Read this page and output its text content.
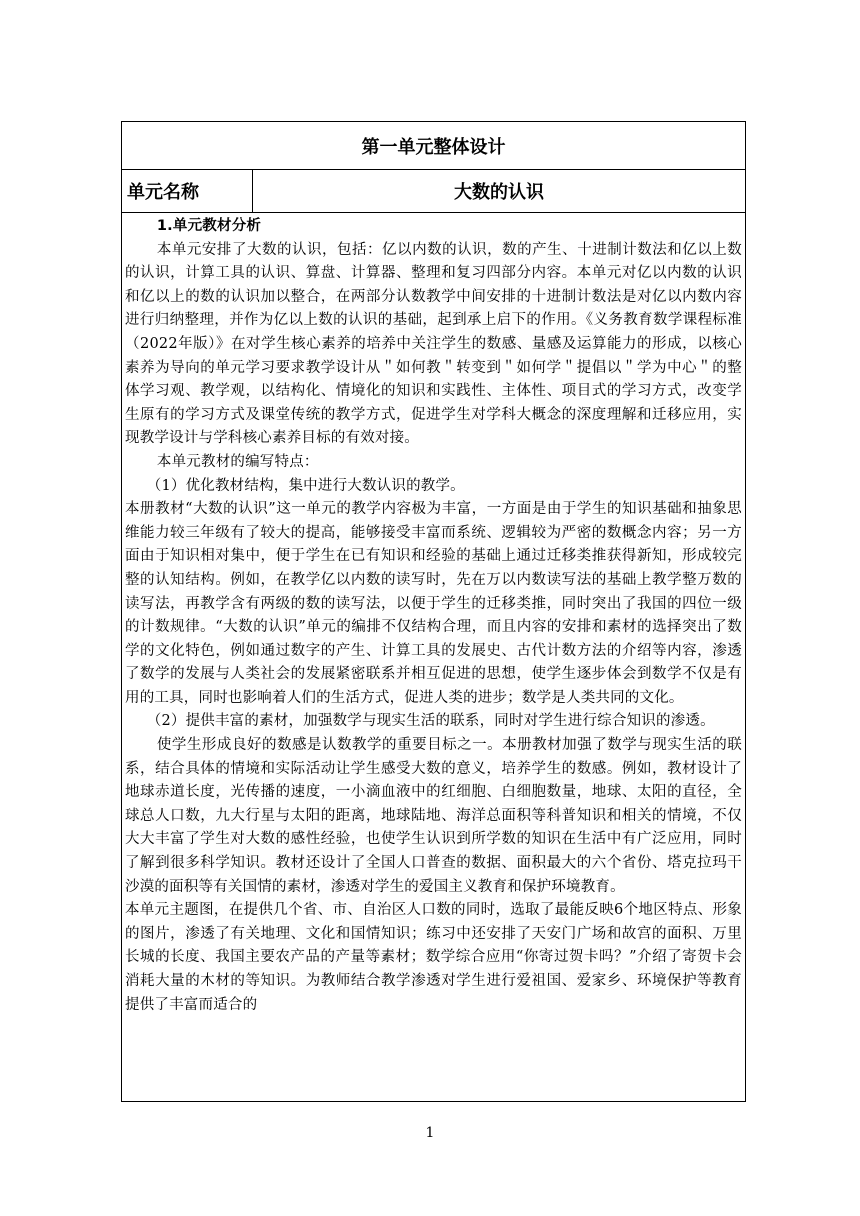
第一单元整体设计
单元名称	大数的认识

1.单元教材分析

本单元安排了大数的认识，包括：亿以内数的认识，数的产生、十进制计数法和亿以上数的认识，计算工具的认识、算盘、计算器、整理和复习四部分内容。本单元对亿以内数的认识和亿以上的数的认识加以整合，在两部分认数教学中间安排的十进制计数法是对亿以内数内容进行归纳整理，并作为亿以上数的认识的基础，起到承上启下的作用。《义务教育数学课程标准（2022年版）》在对学生核心素养的培养中关注学生的数感、量感及运算能力的形成，以核心素养为导向的单元学习要求教学设计从＂如何教＂转变到＂如何学＂提倡以＂学为中心＂的整体学习观、教学观，以结构化、情境化的知识和实践性、主体性、项目式的学习方式，改变学生原有的学习方式及课堂传统的教学方式，促进学生对学科大概念的深度理解和迁移应用，实现教学设计与学科核心素养目标的有效对接。

本单元教材的编写特点：

（1）优化教材结构，集中进行大数认识的教学。

本册教材“大数的认识”这一单元的教学内容极为丰富，一方面是由于学生的知识基础和抽象思维能力较三年级有了较大的提高，能够接受丰富而系统、逻辑较为严密的数概念内容；另一方面由于知识相对集中，便于学生在已有知识和经验的基础上通过迁移类推获得新知，形成较完整的认知结构。例如，在教学亿以内数的读写时，先在万以内数读写法的基础上教学整万数的读写法，再教学含有两级的数的读写法，以便于学生的迁移类推，同时突出了我国的四位一级的计数规律。“大数的认识”单元的编排不仅结构合理，而且内容的安排和素材的选择突出了数学的文化特色，例如通过数字的产生、计算工具的发展史、古代计数方法的介绍等内容，渗透了数学的发展与人类社会的发展紧密联系并相互促进的思想，使学生逐步体会到数学不仅是有用的工具，同时也影响着人们的生活方式，促进人类的进步；数学是人类共同的文化。

（2）提供丰富的素材，加强数学与现实生活的联系，同时对学生进行综合知识的渗透。

使学生形成良好的数感是认数教学的重要目标之一。本册教材加强了数学与现实生活的联系，结合具体的情境和实际活动让学生感受大数的意义，培养学生的数感。例如，教材设计了地球赤道长度，光传播的速度，一小滴血液中的红细胞、白细胞数量，地球、太阳的直径，全球总人口数，九大行星与太阳的距离，地球陆地、海洋总面积等科普知识和相关的情境，不仅大大丰富了学生对大数的感性经验，也使学生认识到所学数的知识在生活中有广泛应用，同时了解到很多科学知识。教材还设计了全国人口普查的数据、面积最大的六个省份、塔克拉玛干沙漠的面积等有关国情的素材，渗透对学生的爱国主义教育和保护环境教育。

本单元主题图，在提供几个省、市、自治区人口数的同时，选取了最能反映6个地区特点、形象的图片，渗透了有关地理、文化和国情知识；练习中还安排了天安门广场和故宫的面积、万里长城的长度、我国主要农产品的产量等素材；数学综合应用“你寄过贺卡吗？”介绍了寄贺卡会消耗大量的木材的等知识。为教师结合教学渗透对学生进行爱祖国、爱家乡、环境保护等教育提供了丰富而适合的

1
